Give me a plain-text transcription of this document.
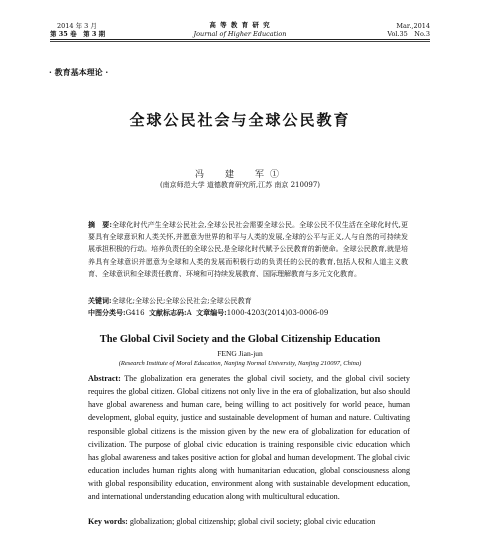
2014 年 3 月
第 35 卷　第 3 期
高 等 教 育 研 究
Journal of Higher Education
Mar.,2014
Vol.35　No.3
· 教育基本理论 ·
全球公民社会与全球公民教育
冯　建　军①
(南京师范大学 道德教育研究所,江苏 南京 210097)
摘　要:全球化时代产生全球公民社会,全球公民社会需要全球公民。全球公民不仅生活在全球化时代,更要具有全球意识和人类关怀,并愿意为世界的和平与人类的发展,全球的公平与正义,人与自然的可持续发展承担积极的行动。培养负责任的全球公民,是全球化时代赋予公民教育的新使命。全球公民教育,就是培养具有全球意识并愿意为全球和人类的发展而积极行动的负责任的公民的教育,包括人权和人道主义教育、全球意识和全球责任教育、环境和可持续发展教育、国际理解教育与多元文化教育。
关键词:全球化;全球公民;全球公民社会;全球公民教育
中图分类号:G416 文献标志码:A 文章编号:1000-4203(2014)03-0006-09
The Global Civil Society and the Global Citizenship Education
FENG Jian-jun
(Research Institute of Moral Education, Nanjing Normal University, Nanjing 210097, China)
Abstract: The globalization era generates the global civil society, and the global civil society requires the global citizen. Global citizens not only live in the era of globalization, but also should have global awareness and human care, being willing to act positively for world peace, human development, global equity, justice and sustainable development of human and nature. Cultivating responsible global citizens is the mission given by the new era of globalization for education of civilization. The purpose of global civic education is training responsible civic education which has global awareness and takes positive action for global and human development. The global civic education includes human rights along with humanitarian education, global consciousness along with global responsibility education, environment along with sustainable development education, and international understanding education along with multicultural education.
Key words: globalization; global citizenship; global civil society; global civic education
